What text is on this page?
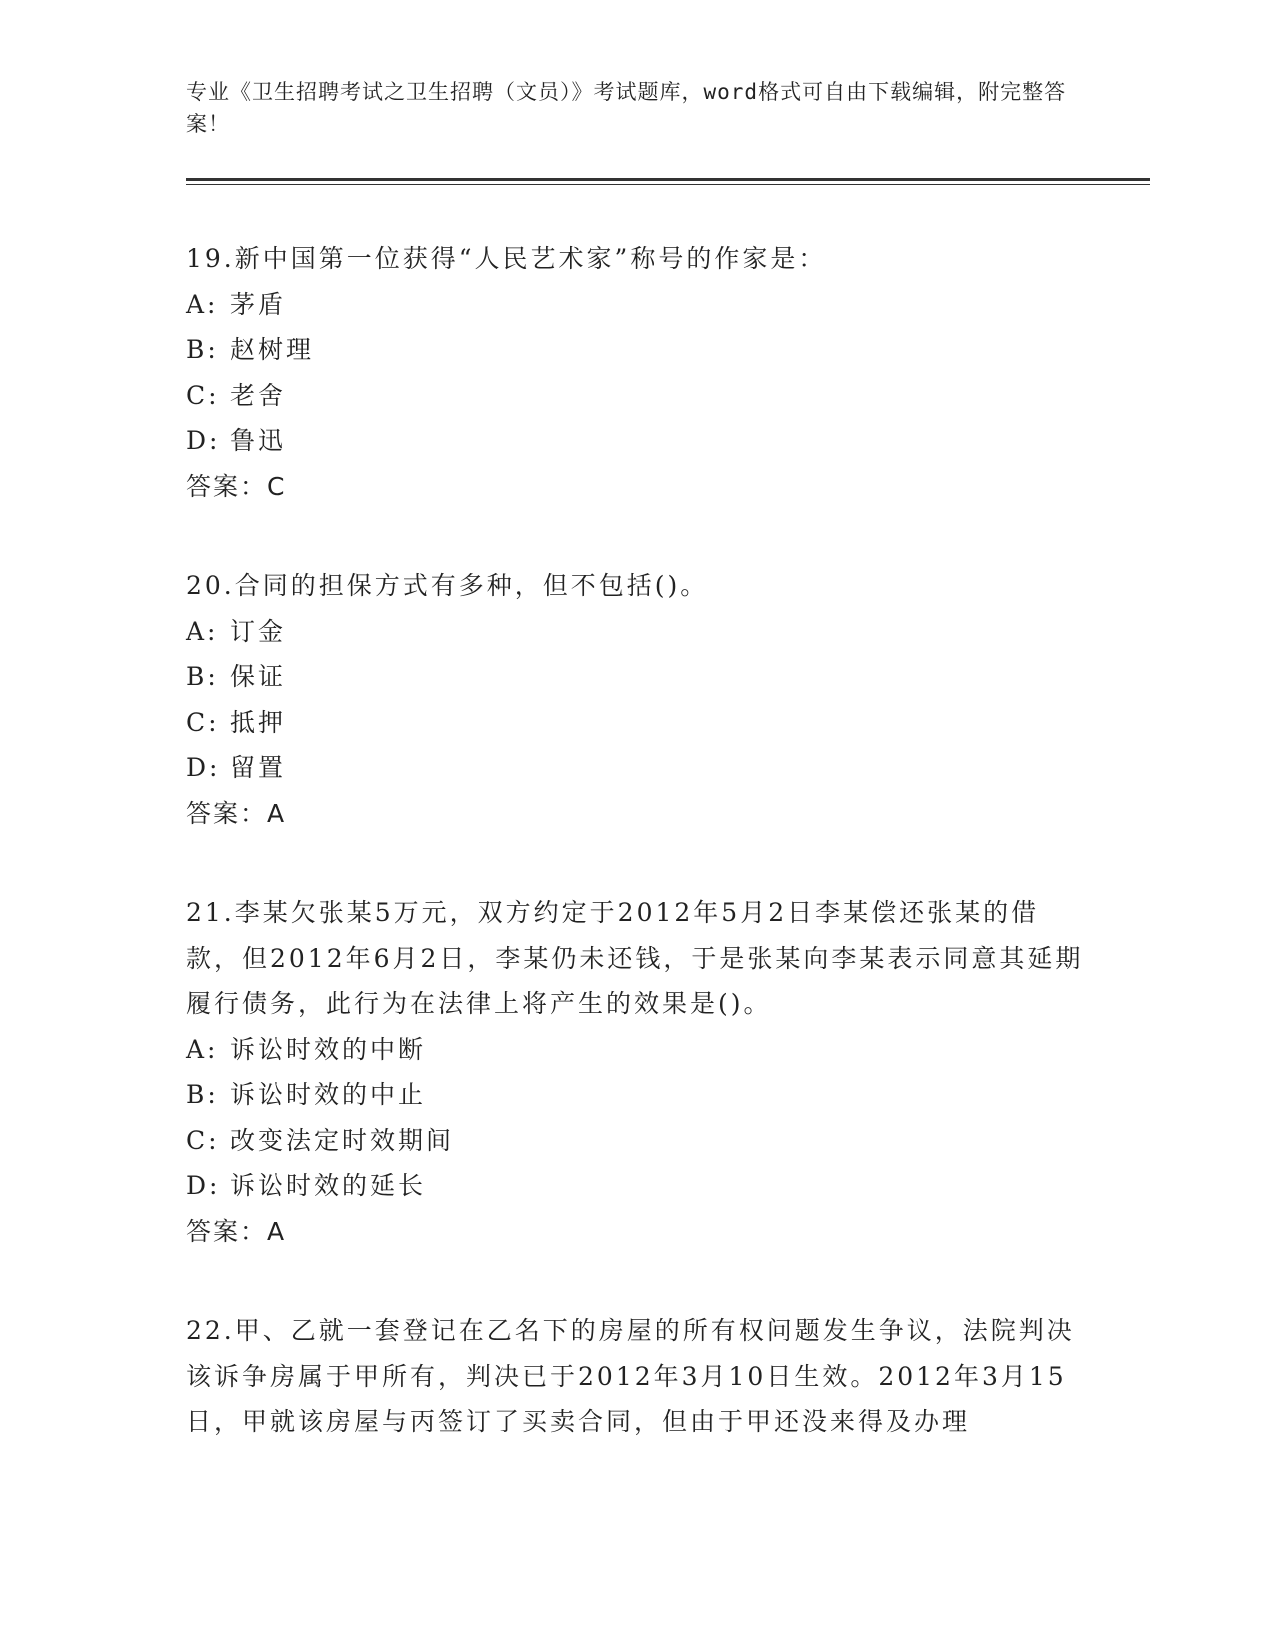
专业《卫生招聘考试之卫生招聘（文员）》考试题库，word格式可自由下载编辑，附完整答案！

19.新中国第一位获得“人民艺术家”称号的作家是：

A: 茅盾

B: 赵树理

C: 老舍

D: 鲁迅

答案：C

20.合同的担保方式有多种，但不包括()。

A: 订金

B: 保证

C: 抵押

D: 留置

答案：A

21.李某欠张某5万元，双方约定于2012年5月2日李某偿还张某的借款，但2012年6月2日，李某仍未还钱，于是张某向李某表示同意其延期履行债务，此行为在法律上将产生的效果是()。

A: 诉讼时效的中断

B: 诉讼时效的中止

C: 改变法定时效期间

D: 诉讼时效的延长

答案：A

22.甲、乙就一套登记在乙名下的房屋的所有权问题发生争议，法院判决该诉争房属于甲所有，判决已于2012年3月10日生效。2012年3月15日，甲就该房屋与丙签订了买卖合同，但由于甲还没来得及办理
